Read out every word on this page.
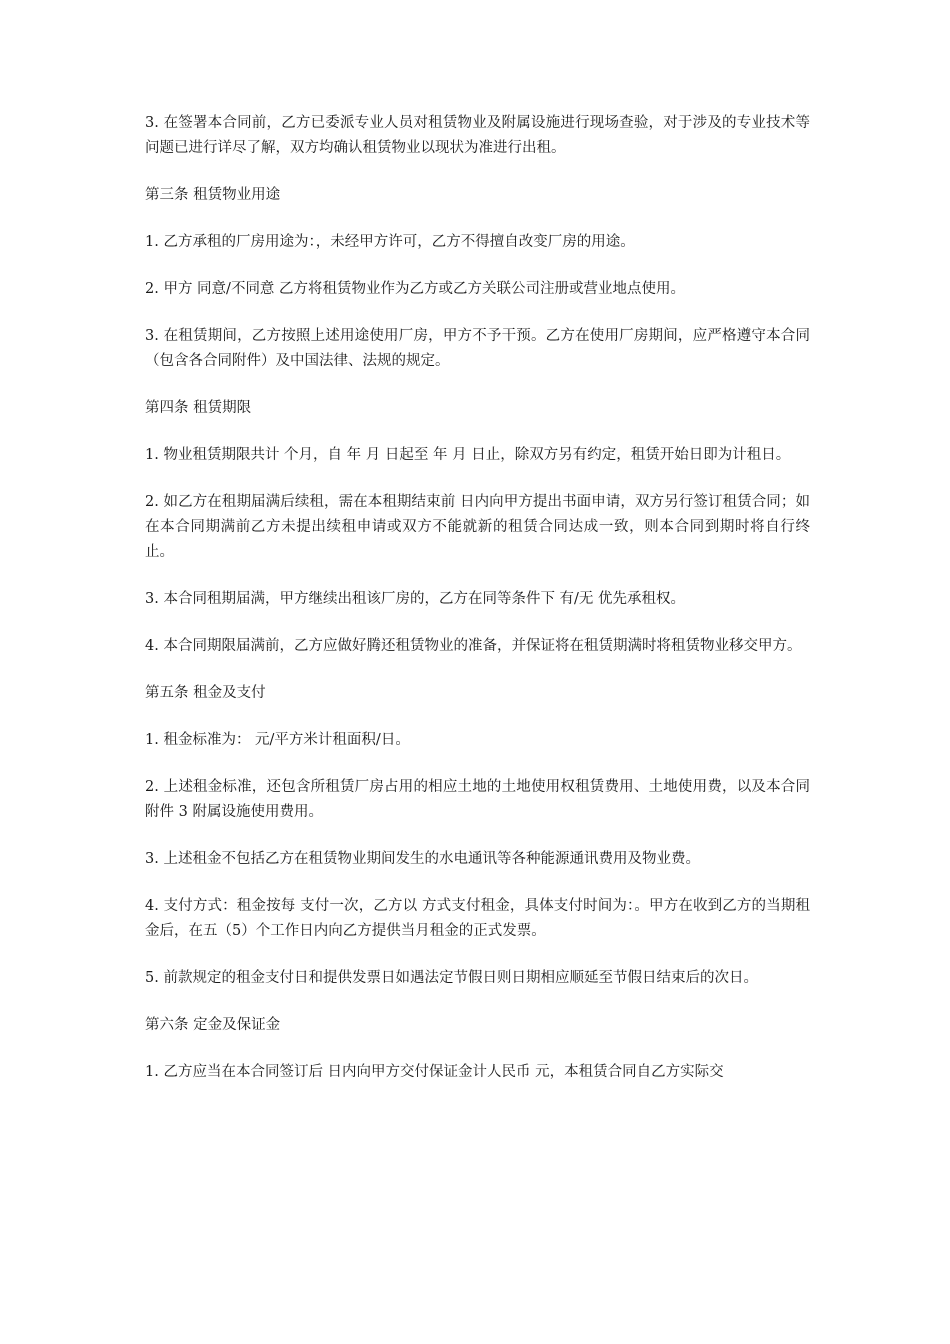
3. 在签署本合同前，乙方已委派专业人员对租赁物业及附属设施进行现场查验，对于涉及的专业技术等问题已进行详尽了解，双方均确认租赁物业以现状为准进行出租。

第三条 租赁物业用途

1. 乙方承租的厂房用途为：，未经甲方许可，乙方不得擅自改变厂房的用途。

2. 甲方 同意/不同意 乙方将租赁物业作为乙方或乙方关联公司注册或营业地点使用。

3. 在租赁期间，乙方按照上述用途使用厂房，甲方不予干预。乙方在使用厂房期间，应严格遵守本合同（包含各合同附件）及中国法律、法规的规定。

第四条 租赁期限

1. 物业租赁期限共计 个月，自 年 月 日起至 年 月 日止，除双方另有约定，租赁开始日即为计租日。

2. 如乙方在租期届满后续租，需在本租期结束前 日内向甲方提出书面申请，双方另行签订租赁合同；如在本合同期满前乙方未提出续租申请或双方不能就新的租赁合同达成一致，则本合同到期时将自行终止。

3. 本合同租期届满，甲方继续出租该厂房的，乙方在同等条件下 有/无 优先承租权。

4. 本合同期限届满前，乙方应做好腾还租赁物业的准备，并保证将在租赁期满时将租赁物业移交甲方。

第五条 租金及支付

1. 租金标准为： 元/平方米计租面积/日。

2. 上述租金标准，还包含所租赁厂房占用的相应土地的土地使用权租赁费用、土地使用费，以及本合同附件 3 附属设施使用费用。

3. 上述租金不包括乙方在租赁物业期间发生的水电通讯等各种能源通讯费用及物业费。

4. 支付方式：租金按每 支付一次，乙方以 方式支付租金，具体支付时间为：。甲方在收到乙方的当期租金后，在五（5）个工作日内向乙方提供当月租金的正式发票。

5. 前款规定的租金支付日和提供发票日如遇法定节假日则日期相应顺延至节假日结束后的次日。

第六条 定金及保证金

1. 乙方应当在本合同签订后 日内向甲方交付保证金计人民币 元，本租赁合同自乙方实际交
